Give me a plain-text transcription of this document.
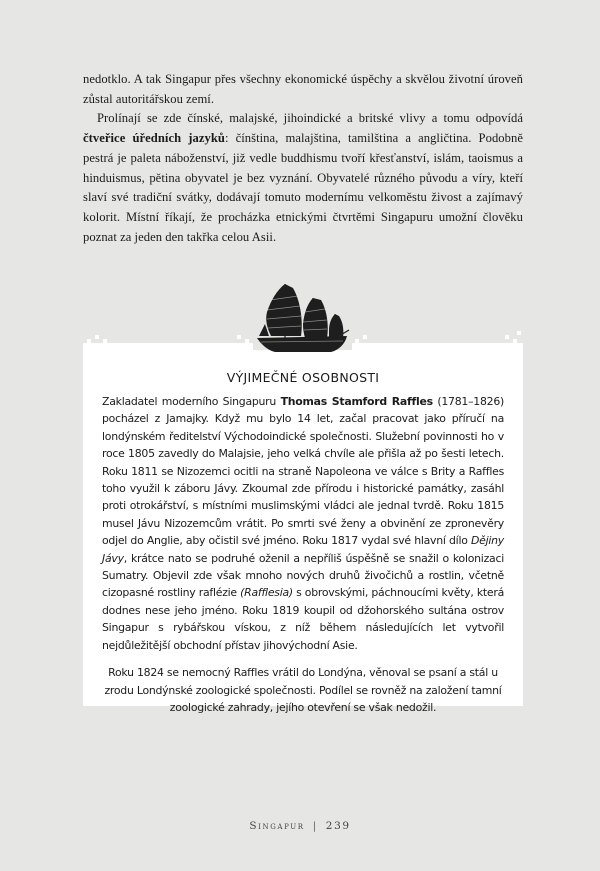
nedotklo. A tak Singapur přes všechny ekonomické úspěchy a skvělou životní úroveň zůstal autoritářskou zemí.

Prolínají se zde čínské, malajské, jihoindické a britské vlivy a tomu odpovídá čtveřice úředních jazyků: čínština, malajština, tamilština a angličtina. Podobně pestrá je paleta náboženství, již vedle buddhismu tvoří křesťanství, islám, taoismus a hinduismus, pětina obyvatel je bez vyznání. Obyvatelé různého původu a víry, kteří slaví své tradiční svátky, dodávají tomuto modernímu velkoměstu živost a zajímavý kolorit. Místní říkají, že procházka etnickými čtvrtěmi Singapuru umožní člověku poznat za jeden den takřka celou Asii.

VÝJIMEČNÉ OSOBNOSTI

Zakladatel moderního Singapuru Thomas Stamford Raffles (1781–1826) pocházel z Jamajky. Když mu bylo 14 let, začal pracovat jako příručí na londýnském ředitelství Východoindické společnosti. Služební povinnosti ho v roce 1805 zavedly do Malajsie, jeho velká chvíle ale přišla až po šesti letech. Roku 1811 se Nizozemci ocitli na straně Napoleona ve válce s Brity a Raffles toho využil k záboru Jávy. Zkoumal zde přírodu i historické památky, zasáhl proti otrokářství, s místními muslimskými vládci ale jednal tvrdě. Roku 1815 musel Jávu Nizozemcům vrátit. Po smrti své ženy a obvinění ze zpronevěry odjel do Anglie, aby očistil své jméno. Roku 1817 vydal své hlavní dílo Dějiny Jávy, krátce nato se podruhé oženil a nepříliš úspěšně se snažil o kolonizaci Sumatry. Objevil zde však mnoho nových druhů živočichů a rostlin, včetně cizopasné rostliny raflézie (Rafflesia) s obrovskými, páchnoucími květy, která dodnes nese jeho jméno. Roku 1819 koupil od džohorského sultána ostrov Singapur s rybářskou vískou, z níž během následujících let vytvořil nejdůležitější obchodní přístav jihovýchodní Asie.

Roku 1824 se nemocný Raffles vrátil do Londýna, věnoval se psaní a stál u zrodu Londýnské zoologické společnosti. Podílel se rovněž na založení tamní zoologické zahrady, jejího otevření se však nedožil.

Singapur | 239
